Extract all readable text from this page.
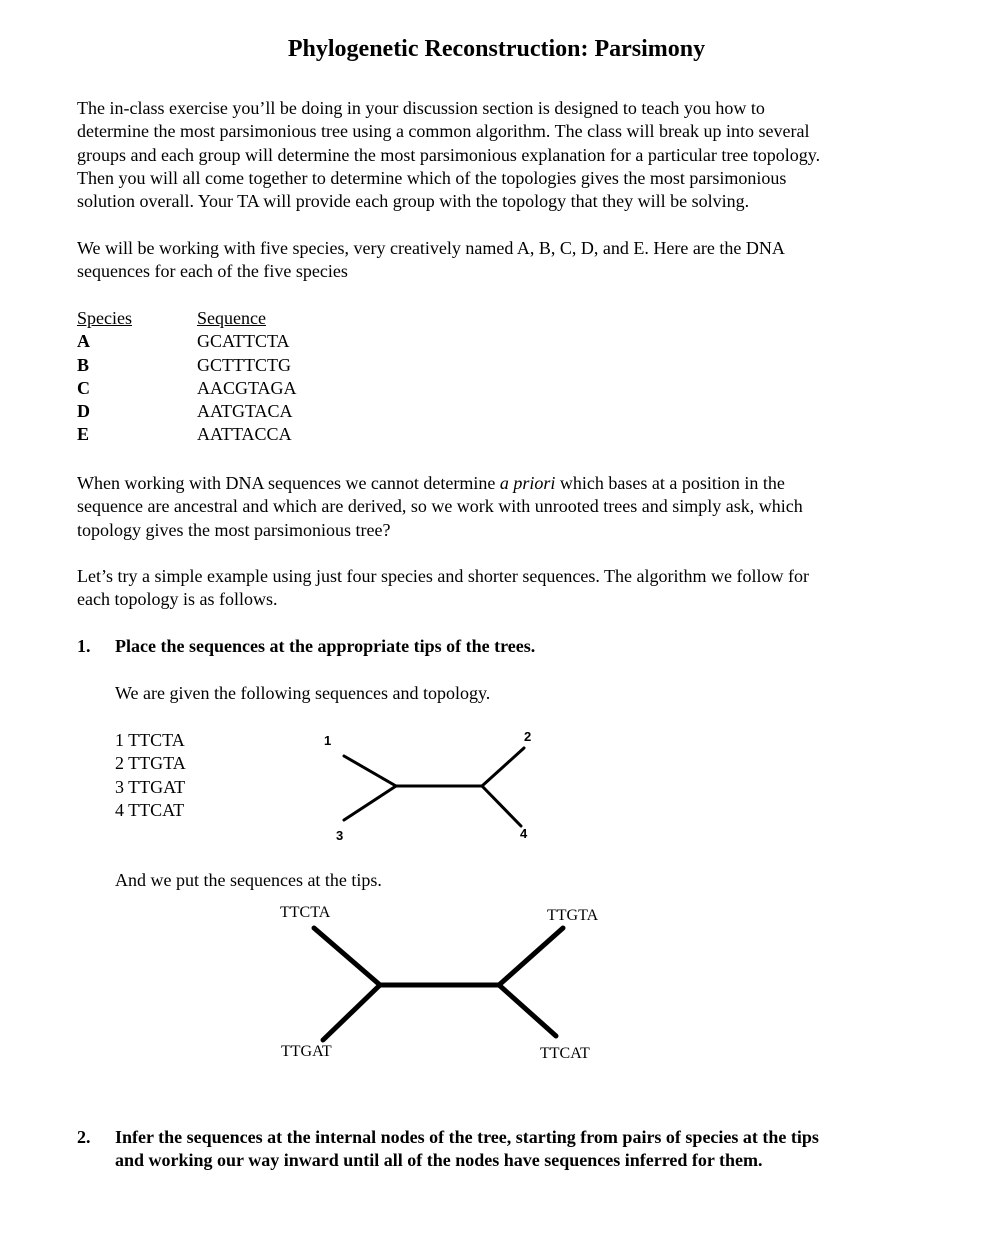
Phylogenetic Reconstruction: Parsimony
The in-class exercise you’ll be doing in your discussion section is designed to teach you how to
determine the most parsimonious tree using a common algorithm. The class will break up into several
groups and each group will determine the most parsimonious explanation for a particular tree topology.
Then you will all come together to determine which of the topologies gives the most parsimonious
solution overall. Your TA will provide each group with the topology that they will be solving.
We will be working with five species, very creatively named A, B, C, D, and E. Here are the DNA
sequences for each of the five species
Species	Sequence
A	GCATTCTA
B	GCTTTCTG
C	AACGTAGA
D	AATGTACA
E	AATTACCA
When working with DNA sequences we cannot determine a priori which bases at a position in the
sequence are ancestral and which are derived, so we work with unrooted trees and simply ask, which
topology gives the most parsimonious tree?
Let’s try a simple example using just four species and shorter sequences. The algorithm we follow for
each topology is as follows.
1.	Place the sequences at the appropriate tips of the trees.
We are given the following sequences and topology.
1 TTCTA
2 TTGTA
3 TTGAT
4 TTCAT
1	2
3	4
And we put the sequences at the tips.
TTCTA	TTGTA
TTGAT	TTCAT
2.	Infer the sequences at the internal nodes of the tree, starting from pairs of species at the tips
and working our way inward until all of the nodes have sequences inferred for them.
